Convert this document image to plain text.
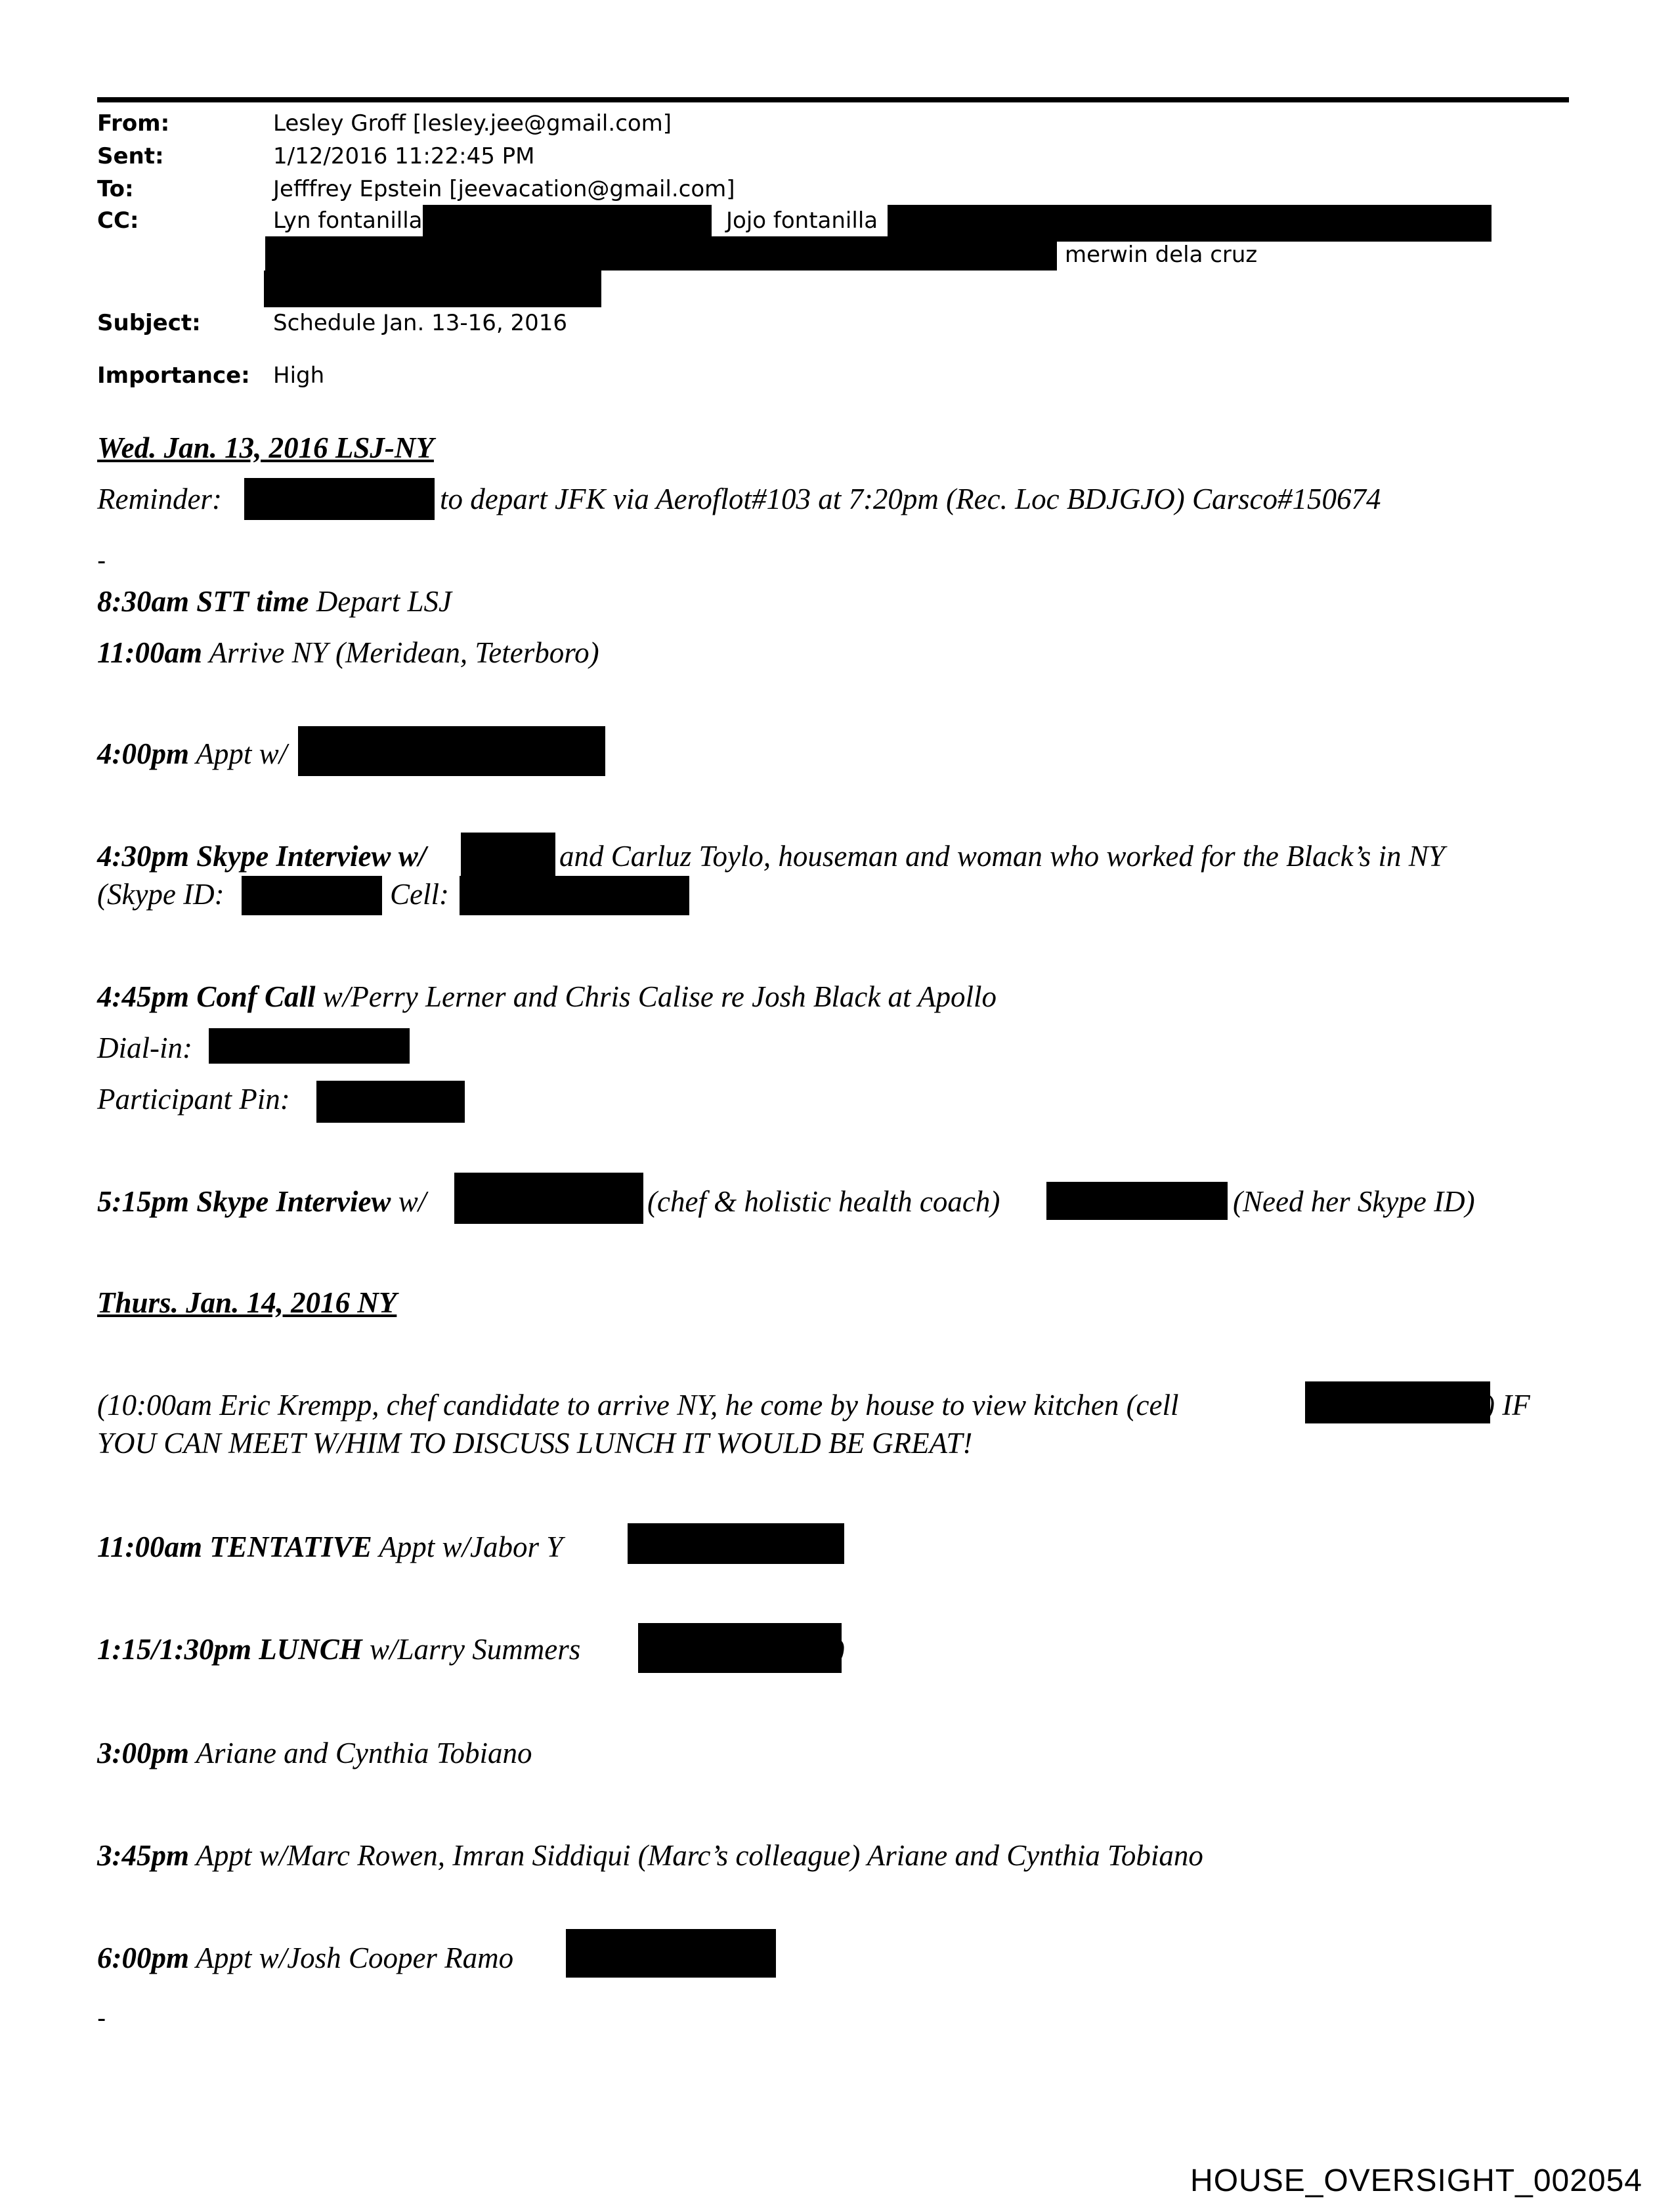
From:	Lesley Groff [lesley.jee@gmail.com]
Sent:	1/12/2016 11:22:45 PM
To:	Jefffrey Epstein [jeevacation@gmail.com]
CC:	Lyn fontanilla	Jojo fontanilla
merwin dela cruz
Subject:	Schedule Jan. 13-16, 2016
Importance: High
Wed. Jan. 13, 2016 LSJ-NY
Reminder:	to depart JFK via Aeroflot#103 at 7:20pm (Rec. Loc BDJGJO) Carsco#150674
-
8:30am STT time Depart LSJ
11:00am Arrive NY (Meridean, Teterboro)
4:00pm Appt w/
4:30pm Skype Interview w/	and Carluz Toylo, houseman and woman who worked for the Black’s in NY
(Skype ID:	Cell:
4:45pm Conf Call w/Perry Lerner and Chris Calise re Josh Black at Apollo
Dial-in:
Participant Pin:
5:15pm Skype Interview w/	(chef & holistic health coach)	(Need her Skype ID)
Thurs. Jan. 14, 2016 NY
(10:00am Eric Krempp, chef candidate to arrive NY, he come by house to view kitchen (cell	) IF
YOU CAN MEET W/HIM TO DISCUSS LUNCH IT WOULD BE GREAT!
11:00am TENTATIVE Appt w/Jabor Y
1:15/1:30pm LUNCH w/Larry Summers	)
3:00pm Ariane and Cynthia Tobiano
3:45pm Appt w/Marc Rowen, Imran Siddiqui (Marc’s colleague) Ariane and Cynthia Tobiano
6:00pm Appt w/Josh Cooper Ramo
-
HOUSE_OVERSIGHT_002054
